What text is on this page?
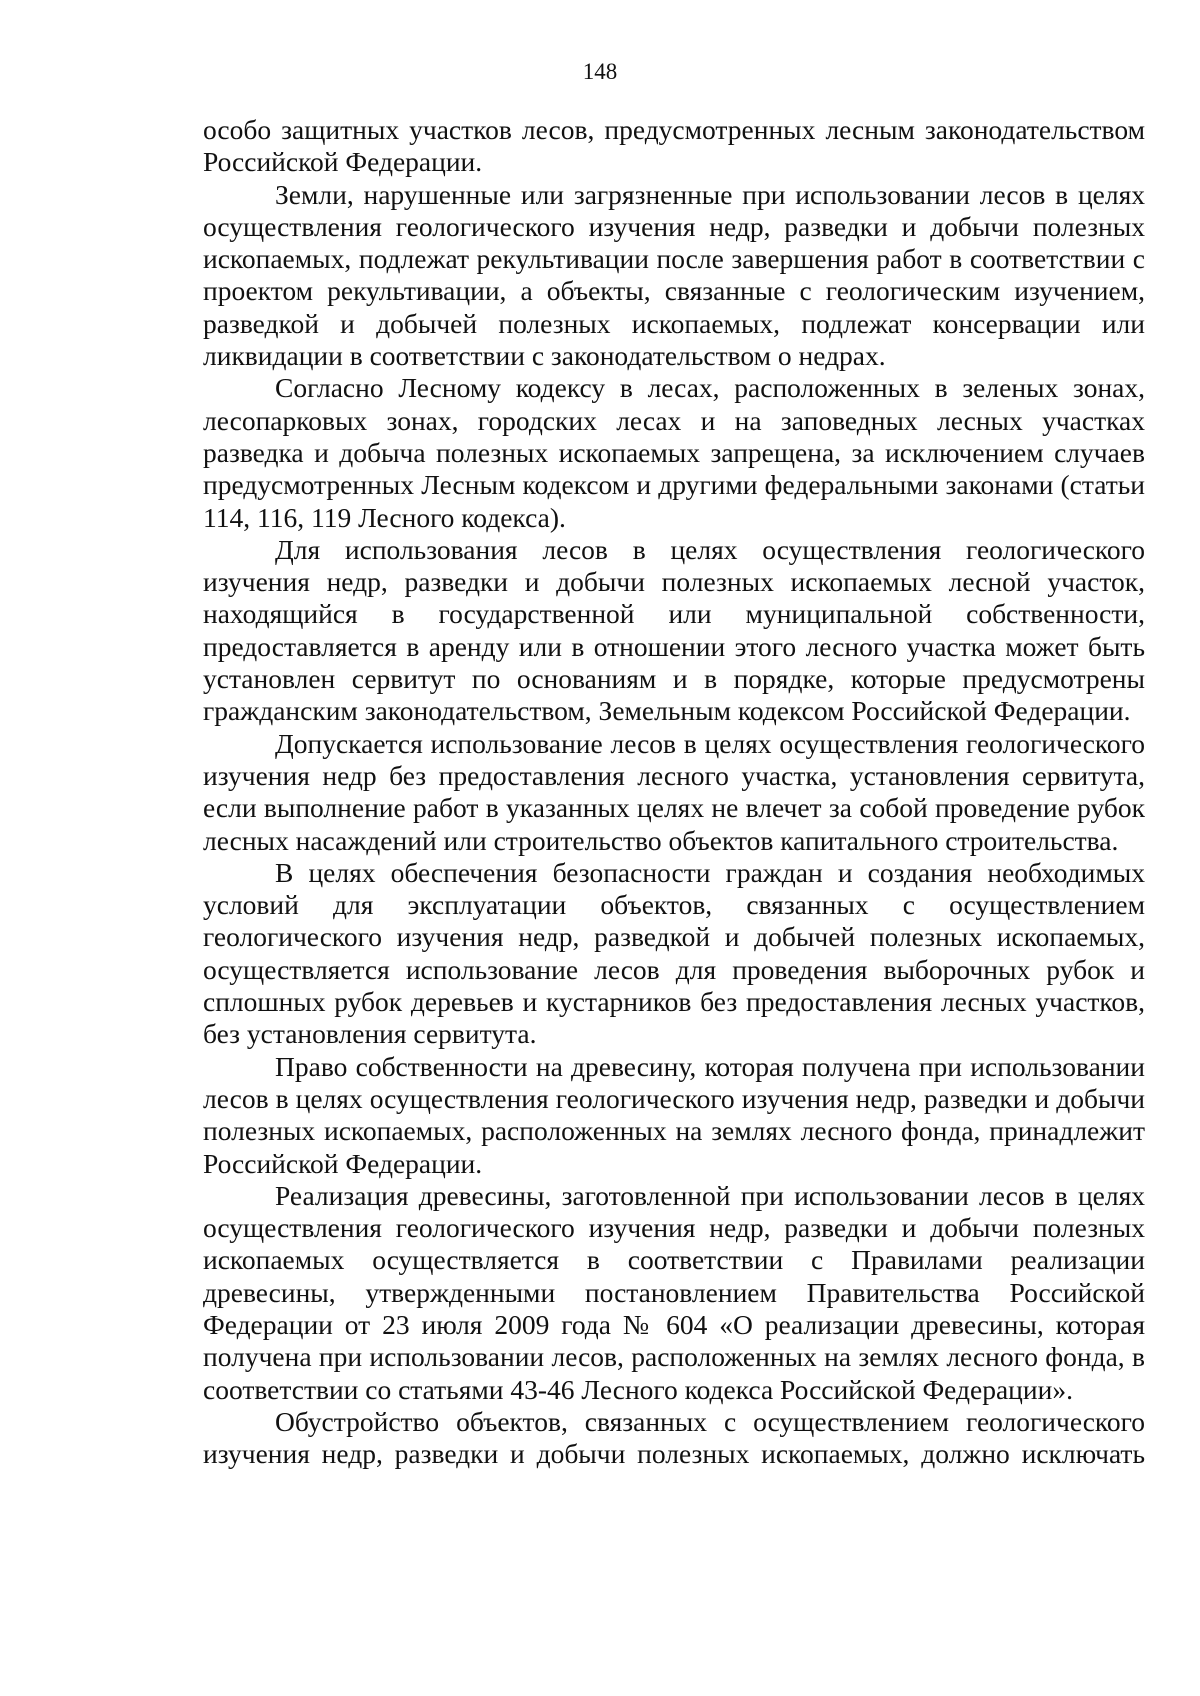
148

особо защитных участков лесов, предусмотренных лесным законодательством Российской Федерации.

Земли, нарушенные или загрязненные при использовании лесов в целях осуществления геологического изучения недр, разведки и добычи полезных ископаемых, подлежат рекультивации после завершения работ в соответствии с проектом рекультивации, а объекты, связанные с геологическим изучением, разведкой и добычей полезных ископаемых, подлежат консервации или ликвидации в соответствии с законодательством о недрах.

Согласно Лесному кодексу в лесах, расположенных в зеленых зонах, лесопарковых зонах, городских лесах и на заповедных лесных участках разведка и добыча полезных ископаемых запрещена, за исключением случаев предусмотренных Лесным кодексом и другими федеральными законами (статьи 114, 116, 119 Лесного кодекса).

Для использования лесов в целях осуществления геологического изучения недр, разведки и добычи полезных ископаемых лесной участок, находящийся в государственной или муниципальной собственности, предоставляется в аренду или в отношении этого лесного участка может быть установлен сервитут по основаниям и в порядке, которые предусмотрены гражданским законодательством, Земельным кодексом Российской Федерации.

Допускается использование лесов в целях осуществления геологического изучения недр без предоставления лесного участка, установления сервитута, если выполнение работ в указанных целях не влечет за собой проведение рубок лесных насаждений или строительство объектов капитального строительства.

В целях обеспечения безопасности граждан и создания необходимых условий для эксплуатации объектов, связанных с осуществлением геологического изучения недр, разведкой и добычей полезных ископаемых, осуществляется использование лесов для проведения выборочных рубок и сплошных рубок деревьев и кустарников без предоставления лесных участков, без установления сервитута.

Право собственности на древесину, которая получена при использовании лесов в целях осуществления геологического изучения недр, разведки и добычи полезных ископаемых, расположенных на землях лесного фонда, принадлежит Российской Федерации.

Реализация древесины, заготовленной при использовании лесов в целях осуществления геологического изучения недр, разведки и добычи полезных ископаемых осуществляется в соответствии с Правилами реализации древесины, утвержденными постановлением Правительства Российской Федерации от 23 июля 2009 года № 604 «О реализации древесины, которая получена при использовании лесов, расположенных на землях лесного фонда, в соответствии со статьями 43-46 Лесного кодекса Российской Федерации».

Обустройство объектов, связанных с осуществлением геологического изучения недр, разведки и добычи полезных ископаемых, должно исключать
